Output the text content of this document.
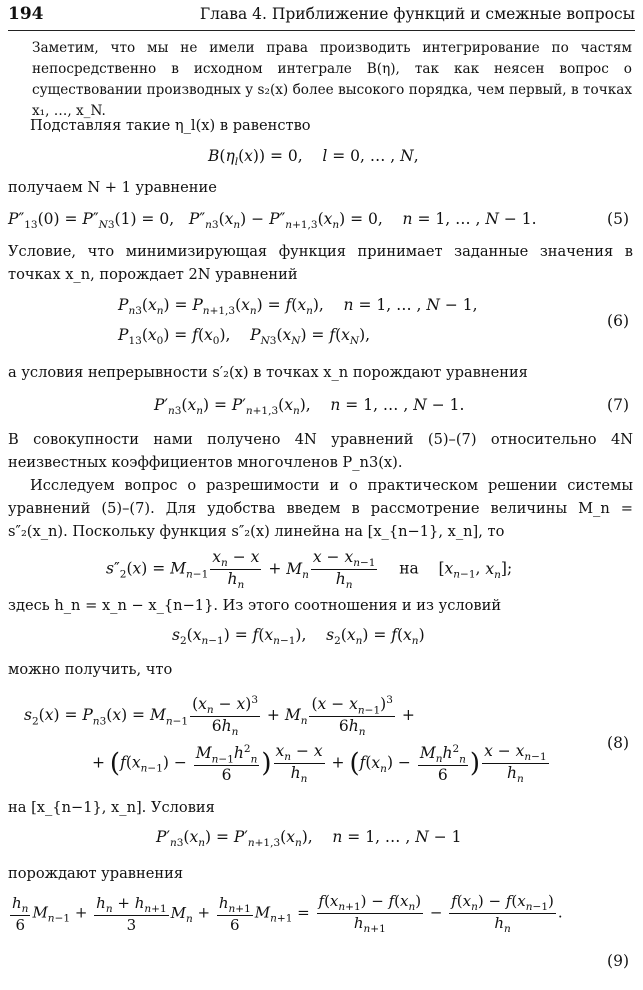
194	Глава 4. Приближение функций и смежные вопросы
Заметим, что мы не имели права производить интегрирование по частям непосредственно в исходном интеграле B(η), так как неясен вопрос о существовании производных у s₂(x) более высокого порядка, чем первый, в точках x₁, …, x_N.
Подставляя такие η_l(x) в равенство
$B(\eta_l(x)) = 0$,    l = 0, … , N,
получаем N + 1 уравнение
$P''_{13}(0) = P''_{N3}(1) = 0$,   $P''_{n3}(x_n) - P''_{n+1,3}(x_n) = 0$,    n = 1, … , N − 1.	(5)
Условие, что минимизирующая функция принимает заданные значения в точках x_n, порождает 2N уравнений
$P_{n3}(x_n) = P_{n+1,3}(x_n) = f(x_n)$,    n = 1, … , N − 1,
$P_{13}(x_0) = f(x_0)$,    $P_{N3}(x_N) = f(x_N)$,
(6)
а условия непрерывности s′₂(x) в точках x_n порождают уравнения
$P'_{n3}(x_n) = P'_{n+1,3}(x_n)$,    n = 1, … , N − 1.	(7)
В совокупности нами получено 4N уравнений (5)–(7) относительно 4N неизвестных коэффициентов многочленов P_n3(x).
Исследуем вопрос о разрешимости и о практическом решении системы уравнений (5)–(7). Для удобства введем в рассмотрение величины M_n = s″₂(x_n). Поскольку функция s″₂(x) линейна на [x_{n−1}, x_n], то
$s''_2(x) = M_{n-1} \frac{x_n - x}{h_n} + M_n \frac{x - x_{n-1}}{h_n}$ на    [$x_{n-1}$, $x_n$];
здесь h_n = x_n − x_{n−1}. Из этого соотношения и из условий
$s_2(x_{n-1}) = f(x_{n-1})$,    $s_2(x_n) = f(x_n)$
можно получить, что
$s_2(x) = P_{n3}(x) = M_{n-1} \frac{(x_n - x)^3}{6h_n} + M_n \frac{(x - x_{n-1})^3}{6h_n}$ +
+ ($f(x_{n-1}) - \frac{M_{n-1}h^2_n}{6}$ ) $\frac{x_n - x}{h_n} + (f(x_n) - \frac{M_nh^2_n}{6}$ ) $\frac{x - x_{n-1}}{h_n}$	(8)
на [x_{n−1}, x_n]. Условия
$P'_{n3}(x_n) = P'_{n+1,3}(x_n)$,    n = 1, … , N − 1
порождают уравнения
$\frac{h_n}{6} M_{n-1} + \frac{h_n + h_{n+1}}{3} M_n + \frac{h_{n+1}}{6} M_{n+1} = \frac{f(x_{n+1}) - f(x_n)}{h_{n+1}} - \frac{f(x_n) - f(x_{n-1})}{h_n}$ .
(9)
